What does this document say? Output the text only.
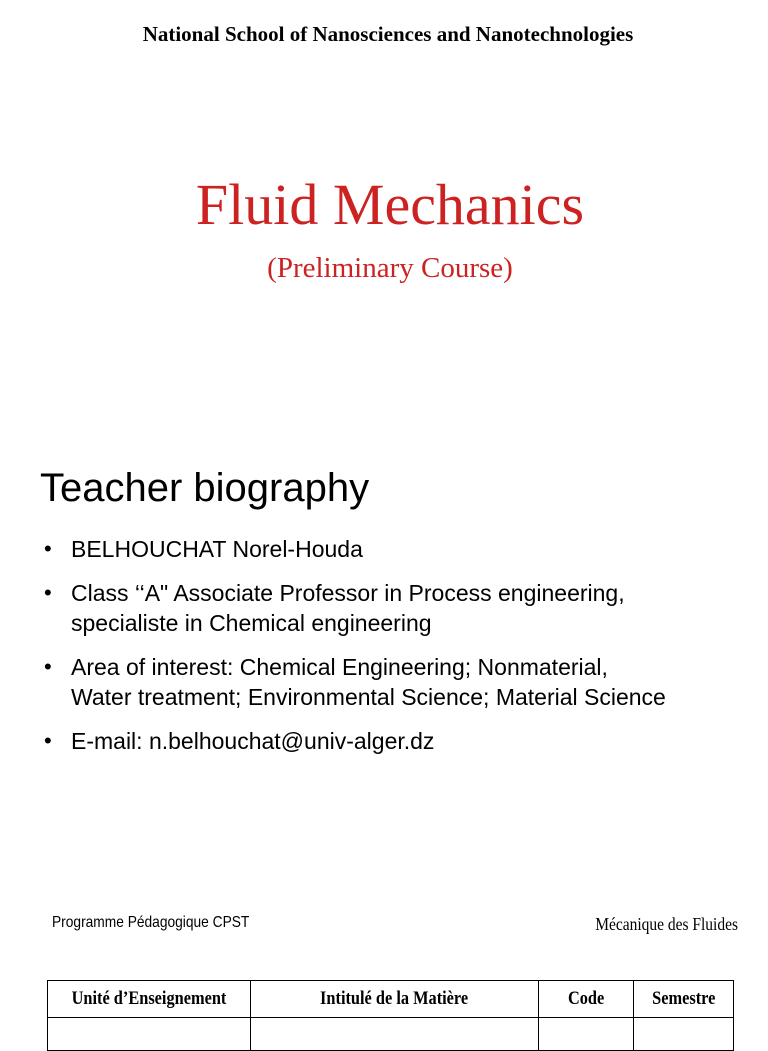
National School of Nanosciences and Nanotechnologies
Fluid Mechanics
(Preliminary Course)
Teacher biography
• BELHOUCHAT Norel-Houda
• Class ‘‘A" Associate Professor in Process engineering,
specialiste in Chemical engineering
• Area of interest: Chemical Engineering; Nonmaterial,
Water treatment; Environmental Science; Material Science
• E-mail: n.belhouchat@univ-alger.dz
Programme Pédagogique CPST	Mécanique des Fluides
Unité d’Enseignement	Intitulé de la Matière	Code	Semestre
